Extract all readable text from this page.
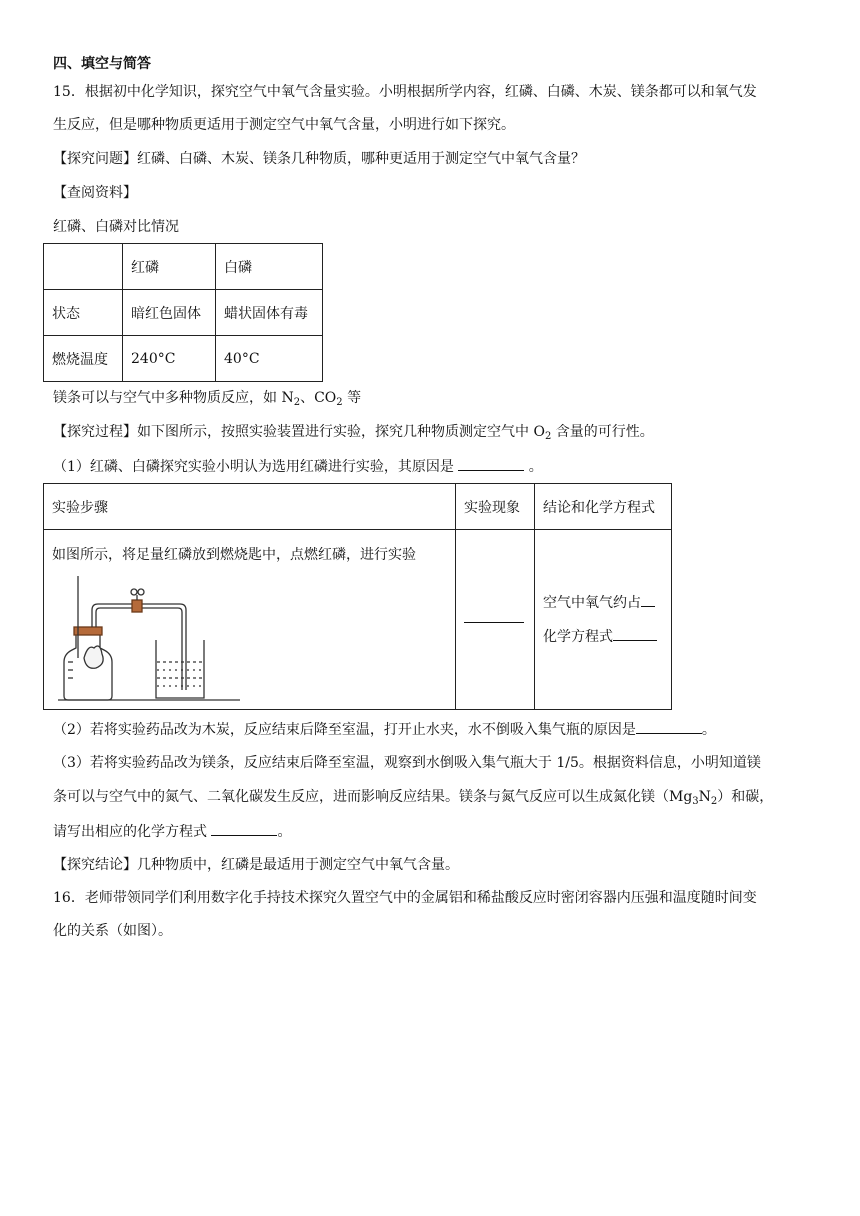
四、填空与简答
15．根据初中化学知识，探究空气中氧气含量实验。小明根据所学内容，红磷、白磷、木炭、镁条都可以和氧气发
生反应，但是哪种物质更适用于测定空气中氧气含量，小明进行如下探究。
【探究问题】红磷、白磷、木炭、镁条几种物质，哪种更适用于测定空气中氧气含量？
【查阅资料】
红磷、白磷对比情况
	红磷	白磷
状态	暗红色固体	蜡状固体有毒
燃烧温度	240°C	40°C
镁条可以与空气中多种物质反应，如 $N_2$、$CO_2$ 等
【探究过程】如下图所示，按照实验装置进行实验，探究几种物质测定空气中 $O_2$ 含量的可行性。
（1）红磷、白磷探究实验小明认为选用红磷进行实验，其原因是	。
实验步骤	实验现象	结论和化学方程式

如图所示，将足量红磷放到燃烧匙中，点燃红磷，进行实验		空气中氧气约占
化学方程式
（2）若将实验药品改为木炭，反应结束后降至室温，打开止水夹，水不倒吸入集气瓶的原因是	。
（3）若将实验药品改为镁条，反应结束后降至室温，观察到水倒吸入集气瓶大于 1/5。根据资料信息，小明知道镁
条可以与空气中的氮气、二氧化碳发生反应，进而影响反应结果。镁条与氮气反应可以生成氮化镁$(Mg_3N_2)$和碳，
请写出相应的化学方程式	。
【探究结论】几种物质中，红磷是最适用于测定空气中氧气含量。
16．老师带领同学们利用数字化手持技术探究久置空气中的金属铝和稀盐酸反应时密闭容器内压强和温度随时间变
化的关系（如图）。
